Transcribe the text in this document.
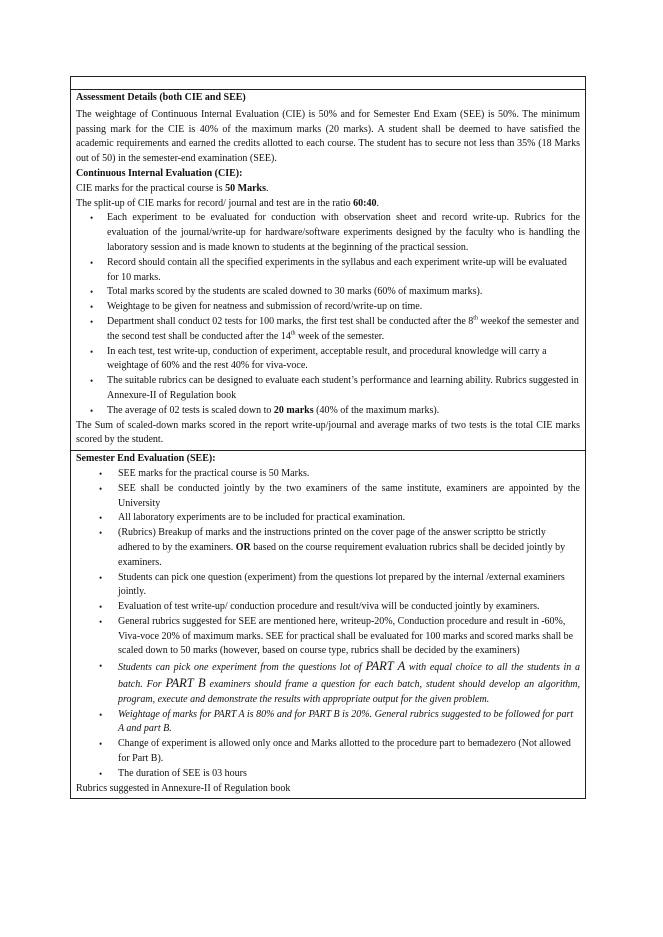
Assessment Details (both CIE and SEE)
The weightage of Continuous Internal Evaluation (CIE) is 50% and for Semester End Exam (SEE) is 50%. The minimum passing mark for the CIE is 40% of the maximum marks (20 marks). A student shall be deemed to have satisfied the academic requirements and earned the credits allotted to each course. The student has to secure not less than 35% (18 Marks out of 50) in the semester-end examination (SEE).
Continuous Internal Evaluation (CIE):
CIE marks for the practical course is 50 Marks.
The split-up of CIE marks for record/ journal and test are in the ratio 60:40.
• Each experiment to be evaluated for conduction with observation sheet and record write-up. Rubrics for the evaluation of the journal/write-up for hardware/software experiments designed by the faculty who is handling the laboratory session and is made known to students at the beginning of the practical session.
• Record should contain all the specified experiments in the syllabus and each experiment write-up will be evaluated for 10 marks.
• Total marks scored by the students are scaled downed to 30 marks (60% of maximum marks).
• Weightage to be given for neatness and submission of record/write-up on time.
• Department shall conduct 02 tests for 100 marks, the first test shall be conducted after the 8th weekof the semester and the second test shall be conducted after the 14th week of the semester.
• In each test, test write-up, conduction of experiment, acceptable result, and procedural knowledge will carry a weightage of 60% and the rest 40% for viva-voce.
• The suitable rubrics can be designed to evaluate each student’s performance and learning ability. Rubrics suggested in Annexure-II of Regulation book
• The average of 02 tests is scaled down to 20 marks (40% of the maximum marks).
The Sum of scaled-down marks scored in the report write-up/journal and average marks of two tests is the total CIE marks scored by the student.
Semester End Evaluation (SEE):
• SEE marks for the practical course is 50 Marks.
• SEE shall be conducted jointly by the two examiners of the same institute, examiners are appointed by the University
• All laboratory experiments are to be included for practical examination.
• (Rubrics) Breakup of marks and the instructions printed on the cover page of the answer scriptto be strictly adhered to by the examiners. OR based on the course requirement evaluation rubrics shall be decided jointly by examiners.
• Students can pick one question (experiment) from the questions lot prepared by the internal /external examiners jointly.
• Evaluation of test write-up/ conduction procedure and result/viva will be conducted jointly by examiners.
• General rubrics suggested for SEE are mentioned here, writeup-20%, Conduction procedure and result in -60%, Viva-voce 20% of maximum marks. SEE for practical shall be evaluated for 100 marks and scored marks shall be scaled down to 50 marks (however, based on course type, rubrics shall be decided by the examiners)
• Students can pick one experiment from the questions lot of PART A with equal choice to all the students in a batch. For PART B examiners should frame a question for each batch, student should develop an algorithm, program, execute and demonstrate the results with appropriate output for the given problem.
• Weightage of marks for PART A is 80% and for PART B is 20%. General rubrics suggested to be followed for part A and part B.
• Change of experiment is allowed only once and Marks allotted to the procedure part to bemadezero (Not allowed for Part B).
• The duration of SEE is 03 hours
Rubrics suggested in Annexure-II of Regulation book
